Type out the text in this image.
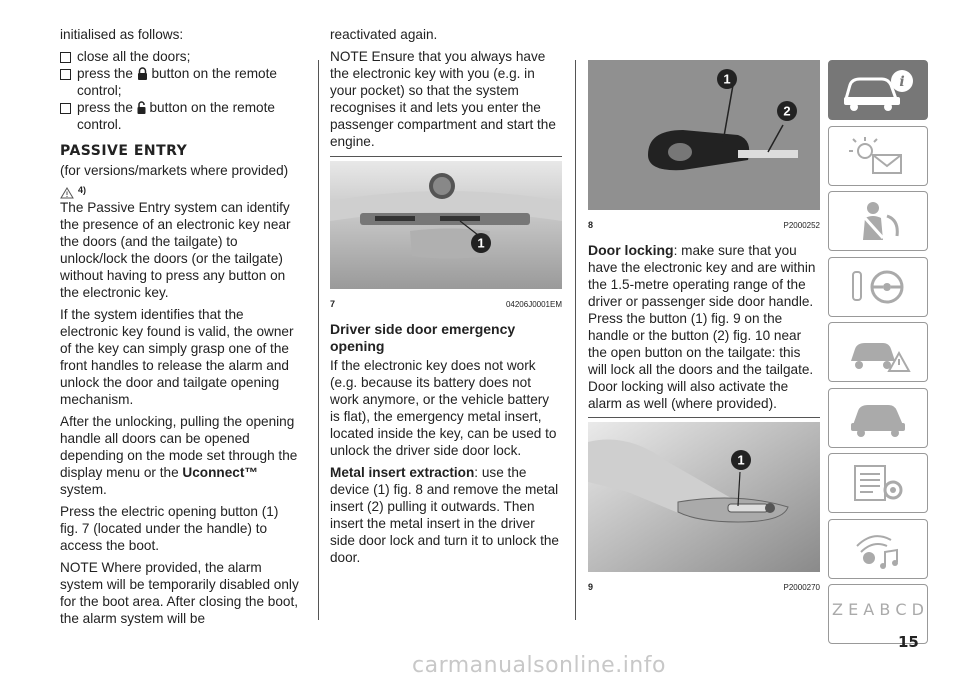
initialised as follows:

close all the doors;
press the button on the remote control;
press the button on the remote control.

PASSIVE ENTRY

(for versions/markets where provided)

4)

The Passive Entry system can identify the presence of an electronic key near the doors (and the tailgate) to unlock/lock the doors (or the tailgate) without having to press any button on the electronic key.

If the system identifies that the electronic key found is valid, the owner of the key can simply grasp one of the front handles to release the alarm and unlock the door and tailgate opening mechanism.

After the unlocking, pulling the opening handle all doors can be opened depending on the mode set through the display menu or the Uconnect™ system.

Press the electric opening button (1) fig. 7 (located under the handle) to access the boot.

NOTE Where provided, the alarm system will be temporarily disabled only for the boot area. After closing the boot, the alarm system will be

reactivated again.

NOTE Ensure that you always have the electronic key with you (e.g. in your pocket) so that the system recognises it and lets you enter the passenger compartment and start the engine.

1
7	04206J0001EM

Driver side door emergency opening

If the electronic key does not work (e.g. because its battery does not work anymore, or the vehicle battery is flat), the emergency metal insert, located inside the key, can be used to unlock the driver side door lock.

Metal insert extraction: use the device (1) fig. 8 and remove the metal insert (2) pulling it outwards. Then insert the metal insert in the driver side door lock and turn it to unlock the door.

1
2
8	P2000252

Door locking: make sure that you have the electronic key and are within the 1.5-metre operating range of the driver or passenger side door handle. Press the button (1) fig. 9 on the handle or the button (2) fig. 10 near the open button on the tailgate: this will lock all the doors and the tailgate. Door locking will also activate the alarm as well (where provided).

1
9	P2000270
i
Z E A B C D
15
carmanualsonline.info
